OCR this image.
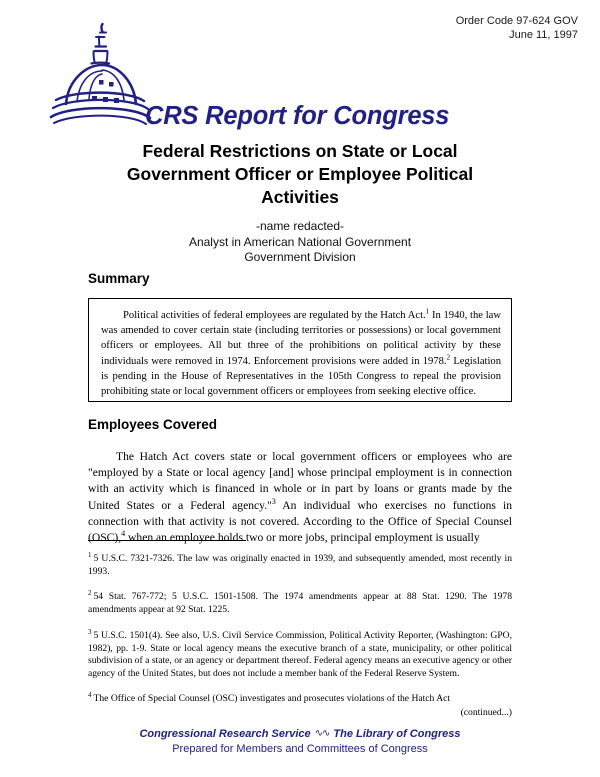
Order Code 97-624 GOV
June 11, 1997
CRS Report for Congress
Federal Restrictions on State or Local
Government Officer or Employee Political
Activities
-name redacted-
Analyst in American National Government
Government Division
Summary
Political activities of federal employees are regulated by the Hatch Act.$^1$ In 1940, the law was amended to cover certain state (including territories or possessions) or local government officers or employees. All but three of the prohibitions on political activity by these individuals were removed in 1974. Enforcement provisions were added in 1978.$^2$ Legislation is pending in the House of Representatives in the 105th Congress to repeal the provision prohibiting state or local government officers or employees from seeking elective office.
Employees Covered
The Hatch Act covers state or local government officers or employees who are "employed by a State or local agency [and] whose principal employment is in connection with an activity which is financed in whole or in part by loans or grants made by the United States or a Federal agency."$^3$ An individual who exercises no functions in connection with that activity is not covered. According to the Office of Special Counsel (OSC),$^4$ when an employee holds two or more jobs, principal employment is usually
$^1$ 5 U.S.C. 7321-7326. The law was originally enacted in 1939, and subsequently amended, most recently in 1993.
$^2$ 54 Stat. 767-772; 5 U.S.C. 1501-1508. The 1974 amendments appear at 88 Stat. 1290. The 1978 amendments appear at 92 Stat. 1225.
$^3$ 5 U.S.C. 1501(4). See also, U.S. Civil Service Commission, Political Activity Reporter, (Washington: GPO, 1982), pp. 1-9. State or local agency means the executive branch of a state, municipality, or other political subdivision of a state, or an agency or department thereof. Federal agency means an executive agency or other agency of the United States, but does not include a member bank of the Federal Reserve System.
$^4$ The Office of Special Counsel (OSC) investigates and prosecutes violations of the Hatch Act
(continued...)
Congressional Research Service ∿∿ The Library of Congress
Prepared for Members and Committees of Congress
